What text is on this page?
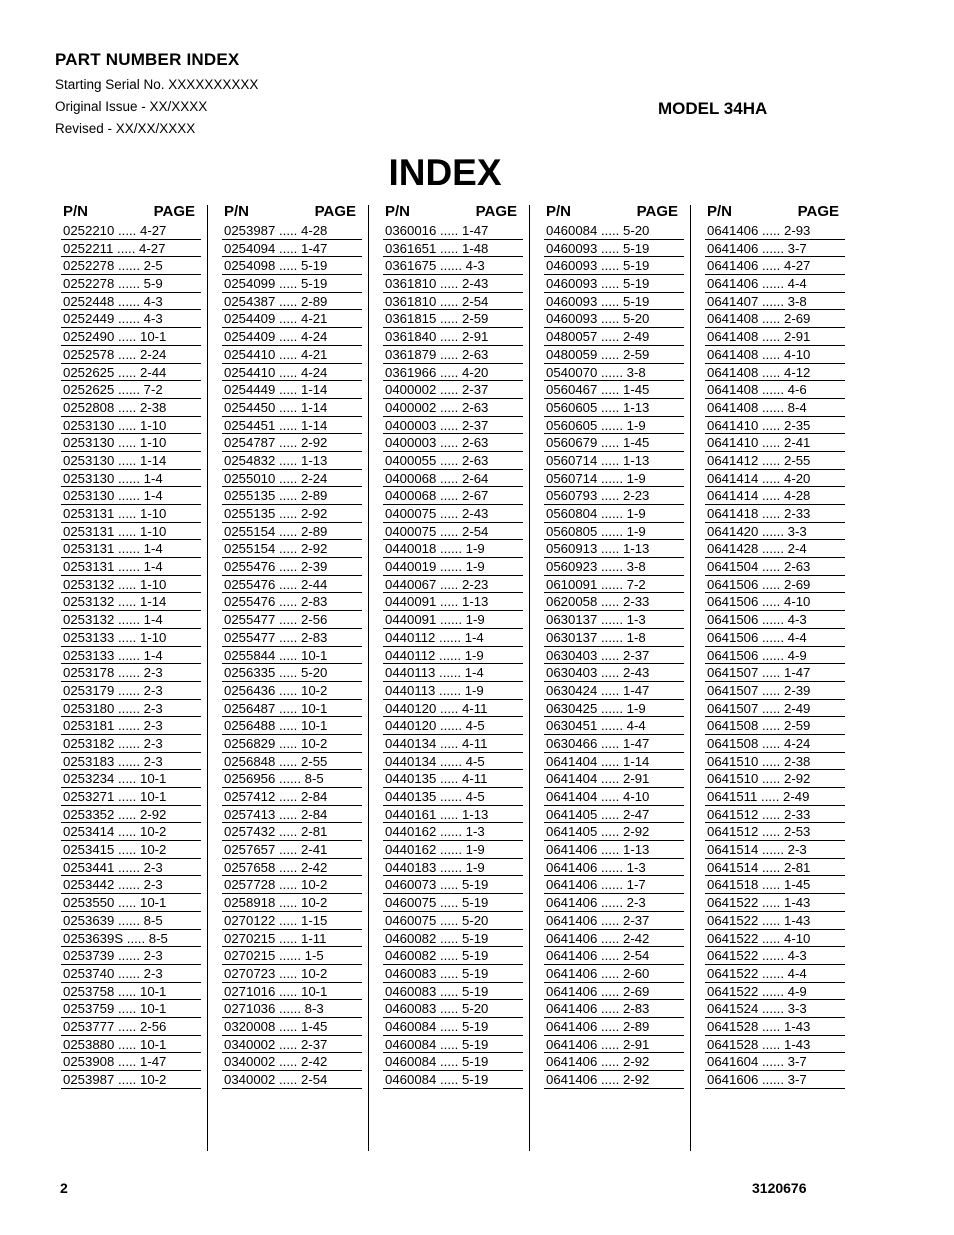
PART NUMBER INDEX
Starting Serial No. XXXXXXXXXX
Original Issue - XX/XXXX
Revised - XX/XX/XXXX
MODEL 34HA
INDEX
P/N	PAGE
0252210 ..... 4-27
0252211 ..... 4-27
0252278 ...... 2-5
0252278 ...... 5-9
0252448 ...... 4-3
0252449 ...... 4-3
0252490 ..... 10-1
0252578 ..... 2-24
0252625 ..... 2-44
0252625 ...... 7-2
0252808 ..... 2-38
0253130 ..... 1-10
0253130 ..... 1-10
0253130 ..... 1-14
0253130 ...... 1-4
0253130 ...... 1-4
0253131 ..... 1-10
0253131 ..... 1-10
0253131 ...... 1-4
0253131 ...... 1-4
0253132 ..... 1-10
0253132 ..... 1-14
0253132 ...... 1-4
0253133 ..... 1-10
0253133 ...... 1-4
0253178 ...... 2-3
0253179 ...... 2-3
0253180 ...... 2-3
0253181 ...... 2-3
0253182 ...... 2-3
0253183 ...... 2-3
0253234 ..... 10-1
0253271 ..... 10-1
0253352 ..... 2-92
0253414 ..... 10-2
0253415 ..... 10-2
0253441 ...... 2-3
0253442 ...... 2-3
0253550 ..... 10-1
0253639 ...... 8-5
0253639S ..... 8-5
0253739 ...... 2-3
0253740 ...... 2-3
0253758 ..... 10-1
0253759 ..... 10-1
0253777 ..... 2-56
0253880 ..... 10-1
0253908 ..... 1-47
0253987 ..... 10-2
P/N	PAGE
0253987 ..... 4-28
0254094 ..... 1-47
0254098 ..... 5-19
0254099 ..... 5-19
0254387 ..... 2-89
0254409 ..... 4-21
0254409 ..... 4-24
0254410 ..... 4-21
0254410 ..... 4-24
0254449 ..... 1-14
0254450 ..... 1-14
0254451 ..... 1-14
0254787 ..... 2-92
0254832 ..... 1-13
0255010 ..... 2-24
0255135 ..... 2-89
0255135 ..... 2-92
0255154 ..... 2-89
0255154 ..... 2-92
0255476 ..... 2-39
0255476 ..... 2-44
0255476 ..... 2-83
0255477 ..... 2-56
0255477 ..... 2-83
0255844 ..... 10-1
0256335 ..... 5-20
0256436 ..... 10-2
0256487 ..... 10-1
0256488 ..... 10-1
0256829 ..... 10-2
0256848 ..... 2-55
0256956 ...... 8-5
0257412 ..... 2-84
0257413 ..... 2-84
0257432 ..... 2-81
0257657 ..... 2-41
0257658 ..... 2-42
0257728 ..... 10-2
0258918 ..... 10-2
0270122 ..... 1-15
0270215 ..... 1-11
0270215 ...... 1-5
0270723 ..... 10-2
0271016 ..... 10-1
0271036 ...... 8-3
0320008 ..... 1-45
0340002 ..... 2-37
0340002 ..... 2-42
0340002 ..... 2-54
P/N	PAGE
0360016 ..... 1-47
0361651 ..... 1-48
0361675 ...... 4-3
0361810 ..... 2-43
0361810 ..... 2-54
0361815 ..... 2-59
0361840 ..... 2-91
0361879 ..... 2-63
0361966 ..... 4-20
0400002 ..... 2-37
0400002 ..... 2-63
0400003 ..... 2-37
0400003 ..... 2-63
0400055 ..... 2-63
0400068 ..... 2-64
0400068 ..... 2-67
0400075 ..... 2-43
0400075 ..... 2-54
0440018 ...... 1-9
0440019 ...... 1-9
0440067 ..... 2-23
0440091 ..... 1-13
0440091 ...... 1-9
0440112 ...... 1-4
0440112 ...... 1-9
0440113 ...... 1-4
0440113 ...... 1-9
0440120 ..... 4-11
0440120 ...... 4-5
0440134 ..... 4-11
0440134 ...... 4-5
0440135 ..... 4-11
0440135 ...... 4-5
0440161 ..... 1-13
0440162 ...... 1-3
0440162 ...... 1-9
0440183 ...... 1-9
0460073 ..... 5-19
0460075 ..... 5-19
0460075 ..... 5-20
0460082 ..... 5-19
0460082 ..... 5-19
0460083 ..... 5-19
0460083 ..... 5-19
0460083 ..... 5-20
0460084 ..... 5-19
0460084 ..... 5-19
0460084 ..... 5-19
0460084 ..... 5-19
P/N	PAGE
0460084 ..... 5-20
0460093 ..... 5-19
0460093 ..... 5-19
0460093 ..... 5-19
0460093 ..... 5-19
0460093 ..... 5-20
0480057 ..... 2-49
0480059 ..... 2-59
0540070 ...... 3-8
0560467 ..... 1-45
0560605 ..... 1-13
0560605 ...... 1-9
0560679 ..... 1-45
0560714 ..... 1-13
0560714 ...... 1-9
0560793 ..... 2-23
0560804 ...... 1-9
0560805 ...... 1-9
0560913 ..... 1-13
0560923 ...... 3-8
0610091 ...... 7-2
0620058 ..... 2-33
0630137 ...... 1-3
0630137 ...... 1-8
0630403 ..... 2-37
0630403 ..... 2-43
0630424 ..... 1-47
0630425 ...... 1-9
0630451 ...... 4-4
0630466 ..... 1-47
0641404 ..... 1-14
0641404 ..... 2-91
0641404 ..... 4-10
0641405 ..... 2-47
0641405 ..... 2-92
0641406 ..... 1-13
0641406 ...... 1-3
0641406 ...... 1-7
0641406 ...... 2-3
0641406 ..... 2-37
0641406 ..... 2-42
0641406 ..... 2-54
0641406 ..... 2-60
0641406 ..... 2-69
0641406 ..... 2-83
0641406 ..... 2-89
0641406 ..... 2-91
0641406 ..... 2-92
0641406 ..... 2-92
P/N	PAGE
0641406 ..... 2-93
0641406 ...... 3-7
0641406 ..... 4-27
0641406 ...... 4-4
0641407 ...... 3-8
0641408 ..... 2-69
0641408 ..... 2-91
0641408 ..... 4-10
0641408 ..... 4-12
0641408 ...... 4-6
0641408 ...... 8-4
0641410 ..... 2-35
0641410 ..... 2-41
0641412 ..... 2-55
0641414 ..... 4-20
0641414 ..... 4-28
0641418 ..... 2-33
0641420 ...... 3-3
0641428 ...... 2-4
0641504 ..... 2-63
0641506 ..... 2-69
0641506 ..... 4-10
0641506 ...... 4-3
0641506 ...... 4-4
0641506 ...... 4-9
0641507 ..... 1-47
0641507 ..... 2-39
0641507 ..... 2-49
0641508 ..... 2-59
0641508 ..... 4-24
0641510 ..... 2-38
0641510 ..... 2-92
0641511 ..... 2-49
0641512 ..... 2-33
0641512 ..... 2-53
0641514 ...... 2-3
0641514 ..... 2-81
0641518 ..... 1-45
0641522 ..... 1-43
0641522 ..... 1-43
0641522 ..... 4-10
0641522 ...... 4-3
0641522 ...... 4-4
0641522 ...... 4-9
0641524 ...... 3-3
0641528 ..... 1-43
0641528 ..... 1-43
0641604 ...... 3-7
0641606 ...... 3-7
2	3120676
